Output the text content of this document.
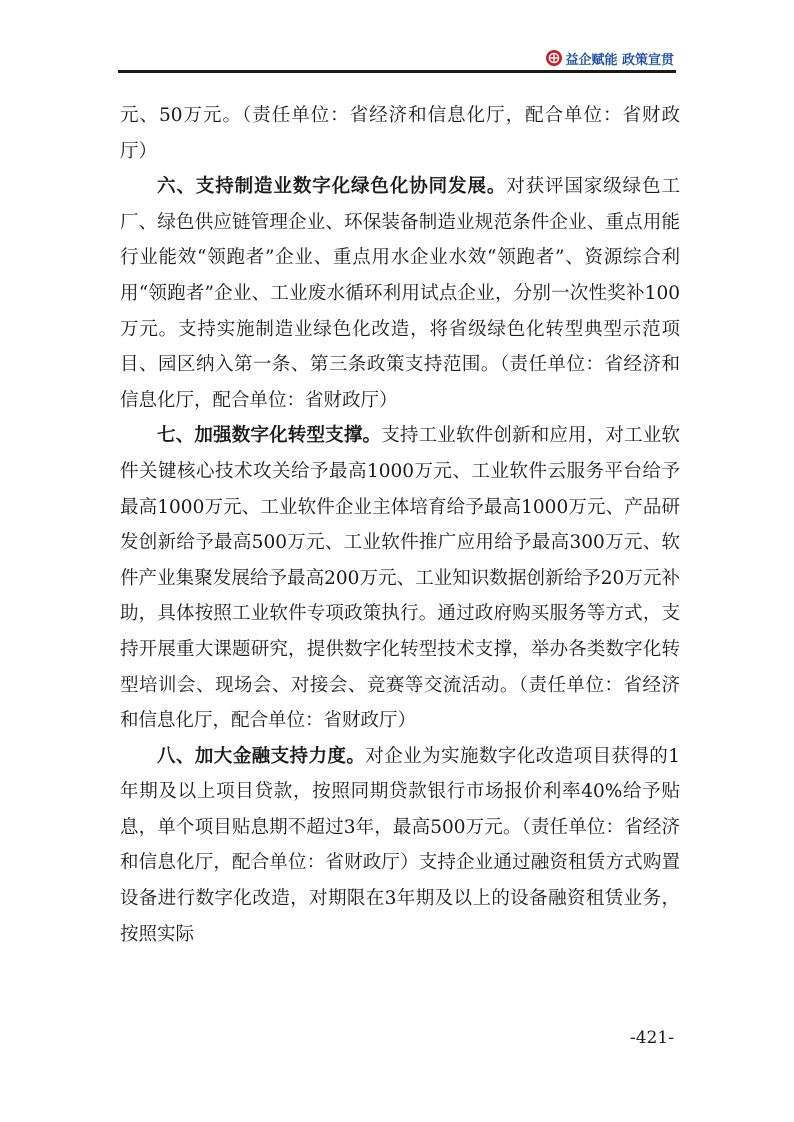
益企赋能 政策宣贯

元、50万元。（责任单位：省经济和信息化厅，配合单位：省财政厅）

六、支持制造业数字化绿色化协同发展。对获评国家级绿色工厂、绿色供应链管理企业、环保装备制造业规范条件企业、重点用能行业能效“领跑者”企业、重点用水企业水效“领跑者”、资源综合利用“领跑者”企业、工业废水循环利用试点企业，分别一次性奖补100万元。支持实施制造业绿色化改造，将省级绿色化转型典型示范项目、园区纳入第一条、第三条政策支持范围。（责任单位：省经济和信息化厅，配合单位：省财政厅）

七、加强数字化转型支撑。支持工业软件创新和应用，对工业软件关键核心技术攻关给予最高1000万元、工业软件云服务平台给予最高1000万元、工业软件企业主体培育给予最高1000万元、产品研发创新给予最高500万元、工业软件推广应用给予最高300万元、软件产业集聚发展给予最高200万元、工业知识数据创新给予20万元补助，具体按照工业软件专项政策执行。通过政府购买服务等方式，支持开展重大课题研究，提供数字化转型技术支撑，举办各类数字化转型培训会、现场会、对接会、竞赛等交流活动。（责任单位：省经济和信息化厅，配合单位：省财政厅）

八、加大金融支持力度。对企业为实施数字化改造项目获得的1年期及以上项目贷款，按照同期贷款银行市场报价利率40%给予贴息，单个项目贴息期不超过3年，最高500万元。（责任单位：省经济和信息化厅，配合单位：省财政厅）支持企业通过融资租赁方式购置设备进行数字化改造，对期限在3年期及以上的设备融资租赁业务，按照实际

-421-
